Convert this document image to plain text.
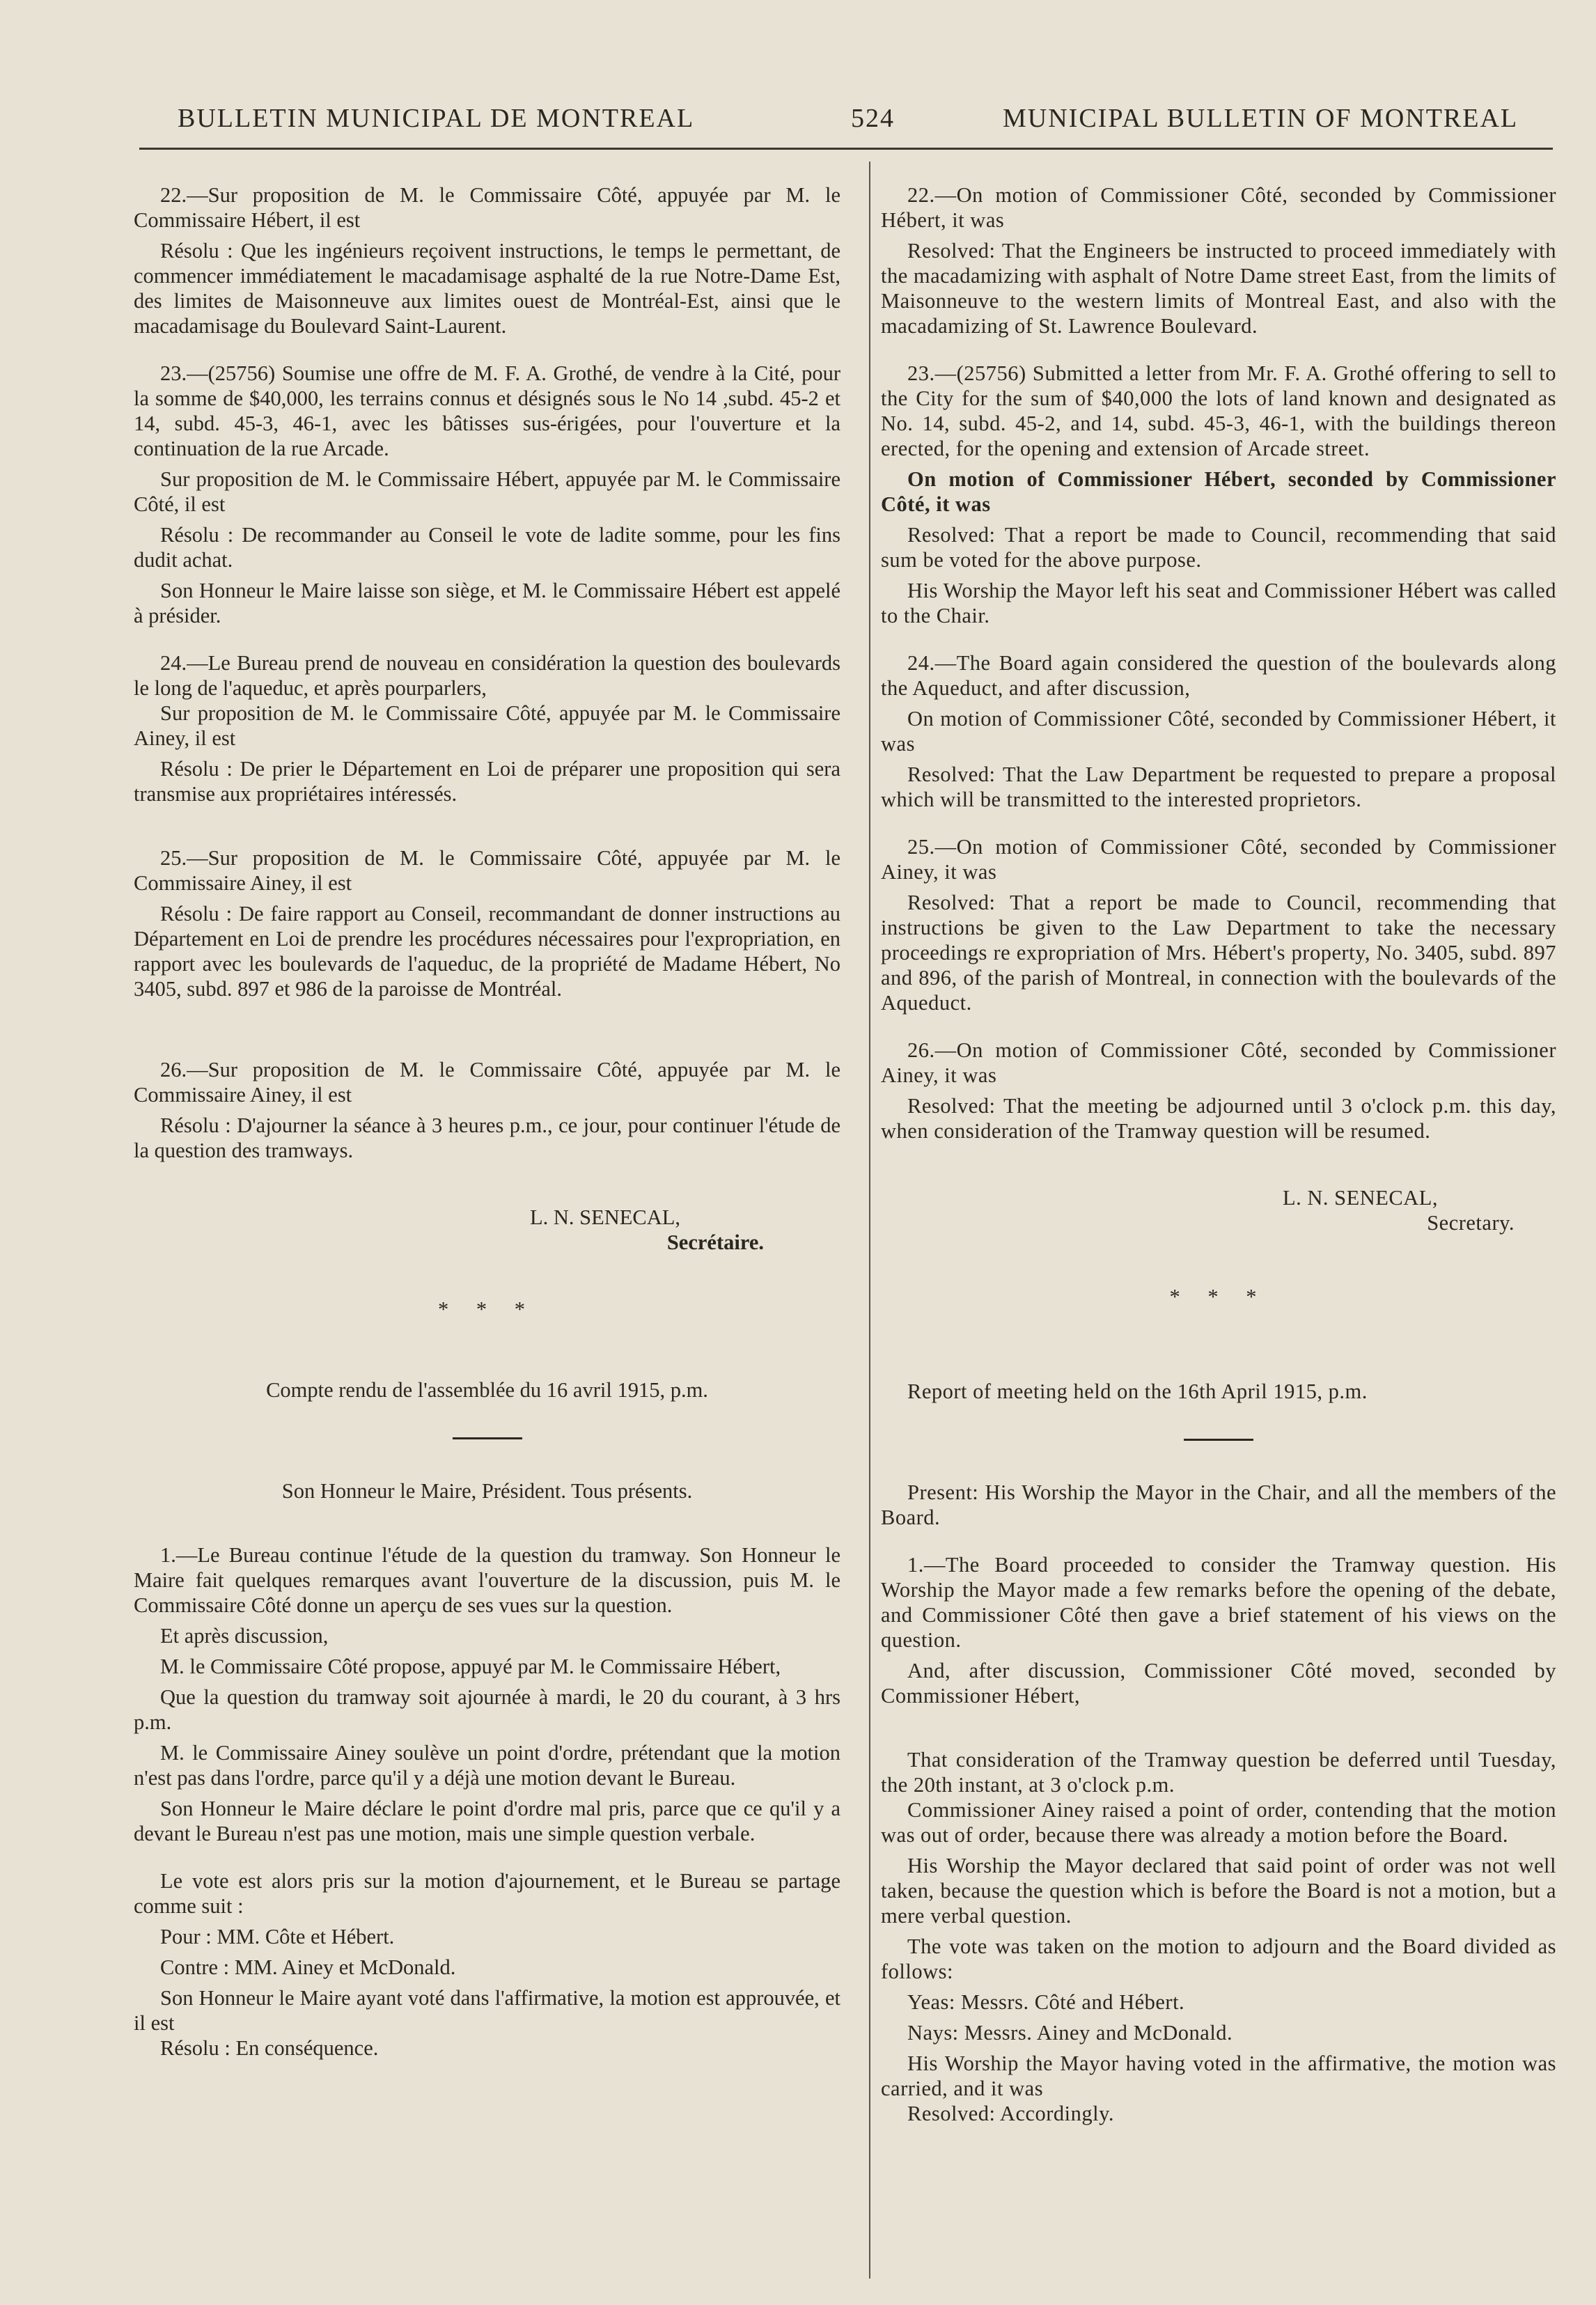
BULLETIN MUNICIPAL DE MONTREAL	524	MUNICIPAL BULLETIN OF MONTREAL

22.—Sur proposition de M. le Commissaire Côté, appuyée par M. le Commissaire Hébert, il est

Résolu : Que les ingénieurs reçoivent instructions, le temps le permettant, de commencer immédiatement le macadamisage asphalté de la rue Notre-Dame Est, des limites de Maisonneuve aux limites ouest de Montréal-Est, ainsi que le macadamisage du Boulevard Saint-Laurent.

23.—(25756) Soumise une offre de M. F. A. Grothé, de vendre à la Cité, pour la somme de $40,000, les terrains connus et désignés sous le No 14 ,subd. 45-2 et 14, subd. 45-3, 46-1, avec les bâtisses sus-érigées, pour l'ouverture et la continuation de la rue Arcade.

Sur proposition de M. le Commissaire Hébert, appuyée par M. le Commissaire Côté, il est

Résolu : De recommander au Conseil le vote de ladite somme, pour les fins dudit achat.

Son Honneur le Maire laisse son siège, et M. le Commissaire Hébert est appelé à présider.

24.—Le Bureau prend de nouveau en considération la question des boulevards le long de l'aqueduc, et après pourparlers,

Sur proposition de M. le Commissaire Côté, appuyée par M. le Commissaire Ainey, il est

Résolu : De prier le Département en Loi de préparer une proposition qui sera transmise aux propriétaires intéressés.

25.—Sur proposition de M. le Commissaire Côté, appuyée par M. le Commissaire Ainey, il est

Résolu : De faire rapport au Conseil, recommandant de donner instructions au Département en Loi de prendre les procédures nécessaires pour l'expropriation, en rapport avec les boulevards de l'aqueduc, de la propriété de Madame Hébert, No 3405, subd. 897 et 986 de la paroisse de Montréal.

26.—Sur proposition de M. le Commissaire Côté, appuyée par M. le Commissaire Ainey, il est

Résolu : D'ajourner la séance à 3 heures p.m., ce jour, pour continuer l'étude de la question des tramways.

L. N. SENECAL,

Secrétaire.

* * *

Compte rendu de l'assemblée du 16 avril 1915, p.m.

Son Honneur le Maire, Président. Tous présents.

1.—Le Bureau continue l'étude de la question du tramway. Son Honneur le Maire fait quelques remarques avant l'ouverture de la discussion, puis M. le Commissaire Côté donne un aperçu de ses vues sur la question.

Et après discussion,

M. le Commissaire Côté propose, appuyé par M. le Commissaire Hébert,

Que la question du tramway soit ajournée à mardi, le 20 du courant, à 3 hrs p.m.

M. le Commissaire Ainey soulève un point d'ordre, prétendant que la motion n'est pas dans l'ordre, parce qu'il y a déjà une motion devant le Bureau.

Son Honneur le Maire déclare le point d'ordre mal pris, parce que ce qu'il y a devant le Bureau n'est pas une motion, mais une simple question verbale.

Le vote est alors pris sur la motion d'ajournement, et le Bureau se partage comme suit :

Pour : MM. Côte et Hébert.

Contre : MM. Ainey et McDonald.

Son Honneur le Maire ayant voté dans l'affirmative, la motion est approuvée, et il est

Résolu : En conséquence.

22.—On motion of Commissioner Côté, seconded by Commissioner Hébert, it was

Resolved: That the Engineers be instructed to proceed immediately with the macadamizing with asphalt of Notre Dame street East, from the limits of Maisonneuve to the western limits of Montreal East, and also with the macadamizing of St. Lawrence Boulevard.

23.—(25756) Submitted a letter from Mr. F. A. Grothé offering to sell to the City for the sum of $40,000 the lots of land known and designated as No. 14, subd. 45-2, and 14, subd. 45-3, 46-1, with the buildings thereon erected, for the opening and extension of Arcade street.

On motion of Commissioner Hébert, seconded by Commissioner Côté, it was

Resolved: That a report be made to Council, recommending that said sum be voted for the above purpose.

His Worship the Mayor left his seat and Commissioner Hébert was called to the Chair.

24.—The Board again considered the question of the boulevards along the Aqueduct, and after discussion,

On motion of Commissioner Côté, seconded by Commissioner Hébert, it was

Resolved: That the Law Department be requested to prepare a proposal which will be transmitted to the interested proprietors.

25.—On motion of Commissioner Côté, seconded by Commissioner Ainey, it was

Resolved: That a report be made to Council, recommending that instructions be given to the Law Department to take the necessary proceedings re expropriation of Mrs. Hébert's property, No. 3405, subd. 897 and 896, of the parish of Montreal, in connection with the boulevards of the Aqueduct.

26.—On motion of Commissioner Côté, seconded by Commissioner Ainey, it was

Resolved: That the meeting be adjourned until 3 o'clock p.m. this day, when consideration of the Tramway question will be resumed.

L. N. SENECAL,

Secretary.

* * *

Report of meeting held on the 16th April 1915, p.m.

Present: His Worship the Mayor in the Chair, and all the members of the Board.

1.—The Board proceeded to consider the Tramway question. His Worship the Mayor made a few remarks before the opening of the debate, and Commissioner Côté then gave a brief statement of his views on the question.

And, after discussion, Commissioner Côté moved, seconded by Commissioner Hébert,

That consideration of the Tramway question be deferred until Tuesday, the 20th instant, at 3 o'clock p.m.

Commissioner Ainey raised a point of order, contending that the motion was out of order, because there was already a motion before the Board.

His Worship the Mayor declared that said point of order was not well taken, because the question which is before the Board is not a motion, but a mere verbal question.

The vote was taken on the motion to adjourn and the Board divided as follows:

Yeas: Messrs. Côté and Hébert.

Nays: Messrs. Ainey and McDonald.

His Worship the Mayor having voted in the affirmative, the motion was carried, and it was

Resolved: Accordingly.
